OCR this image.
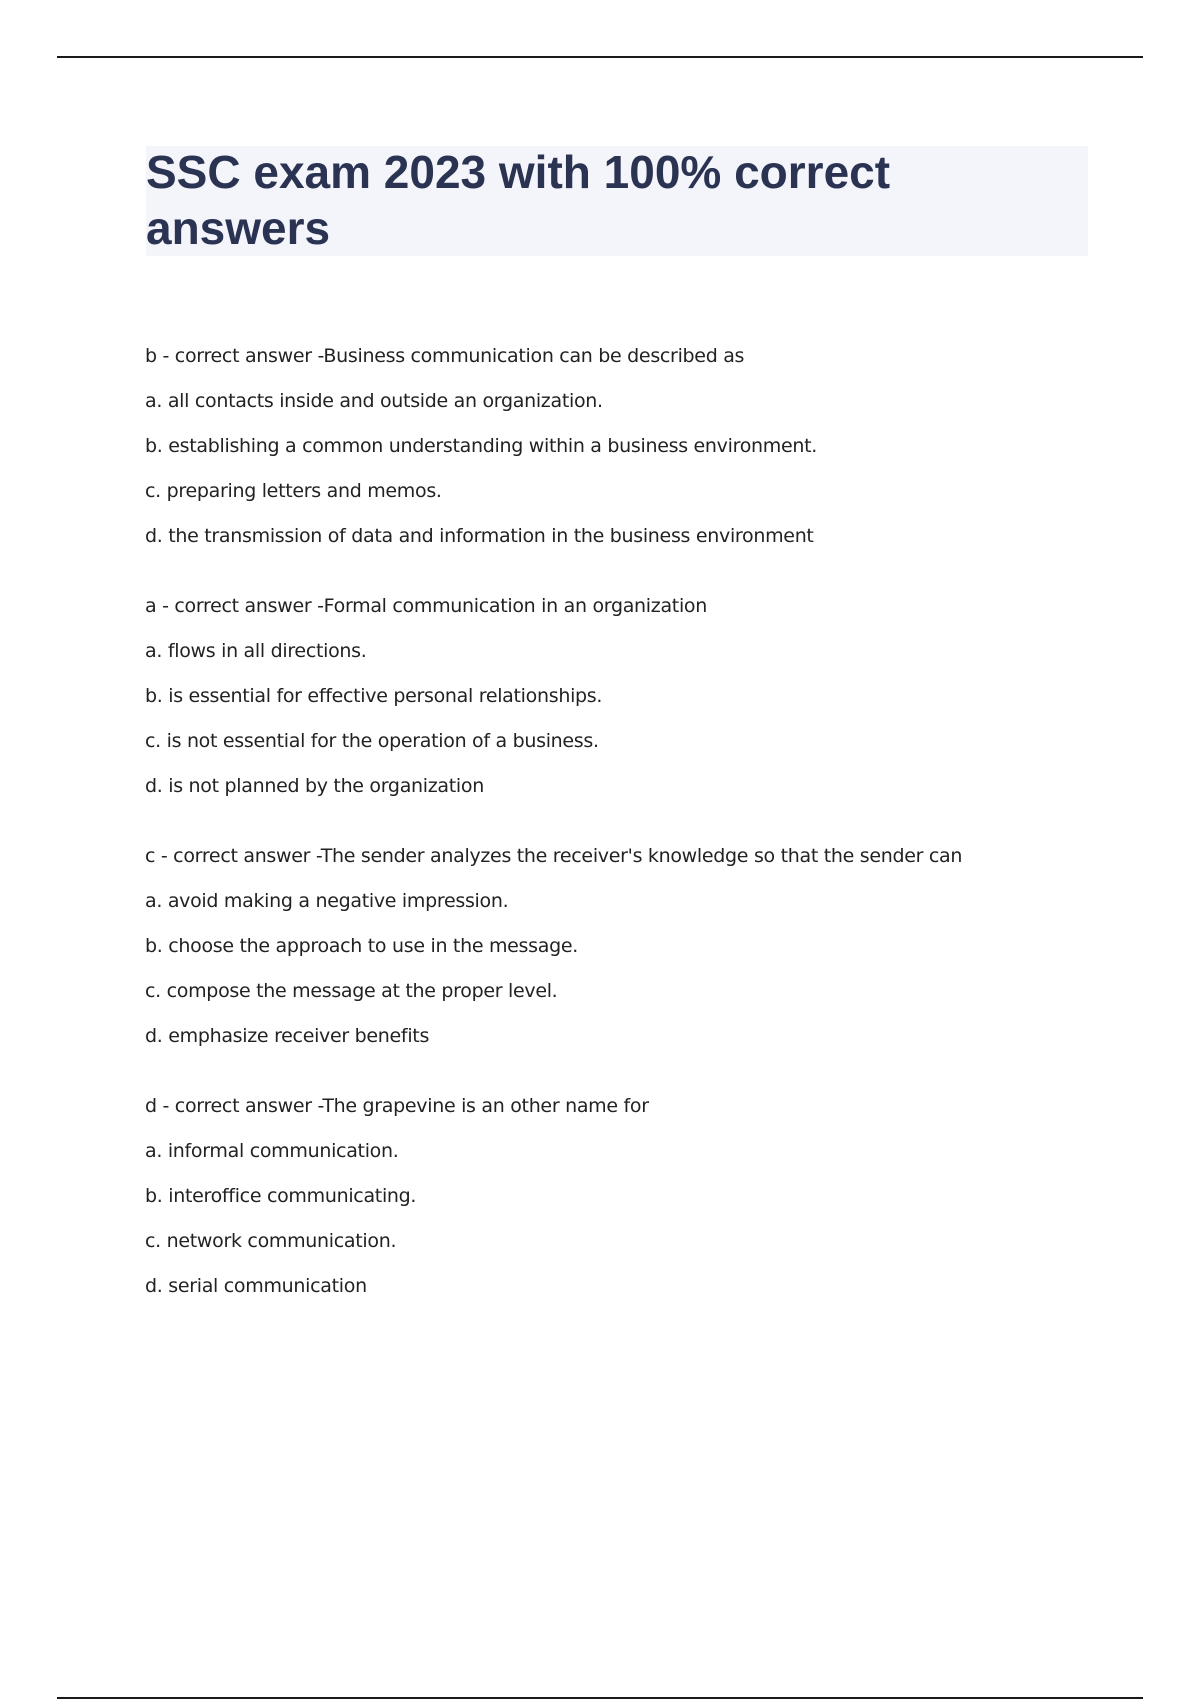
SSC exam 2023 with 100% correct answers
b - correct answer -Business communication can be described as
a. all contacts inside and outside an organization.
b. establishing a common understanding within a business environment.
c. preparing letters and memos.
d. the transmission of data and information in the business environment
a - correct answer -Formal communication in an organization
a. flows in all directions.
b. is essential for effective personal relationships.
c. is not essential for the operation of a business.
d. is not planned by the organization
c - correct answer -The sender analyzes the receiver's knowledge so that the sender can
a. avoid making a negative impression.
b. choose the approach to use in the message.
c. compose the message at the proper level.
d. emphasize receiver benefits
d - correct answer -The grapevine is an other name for
a. informal communication.
b. interoffice communicating.
c. network communication.
d. serial communication
